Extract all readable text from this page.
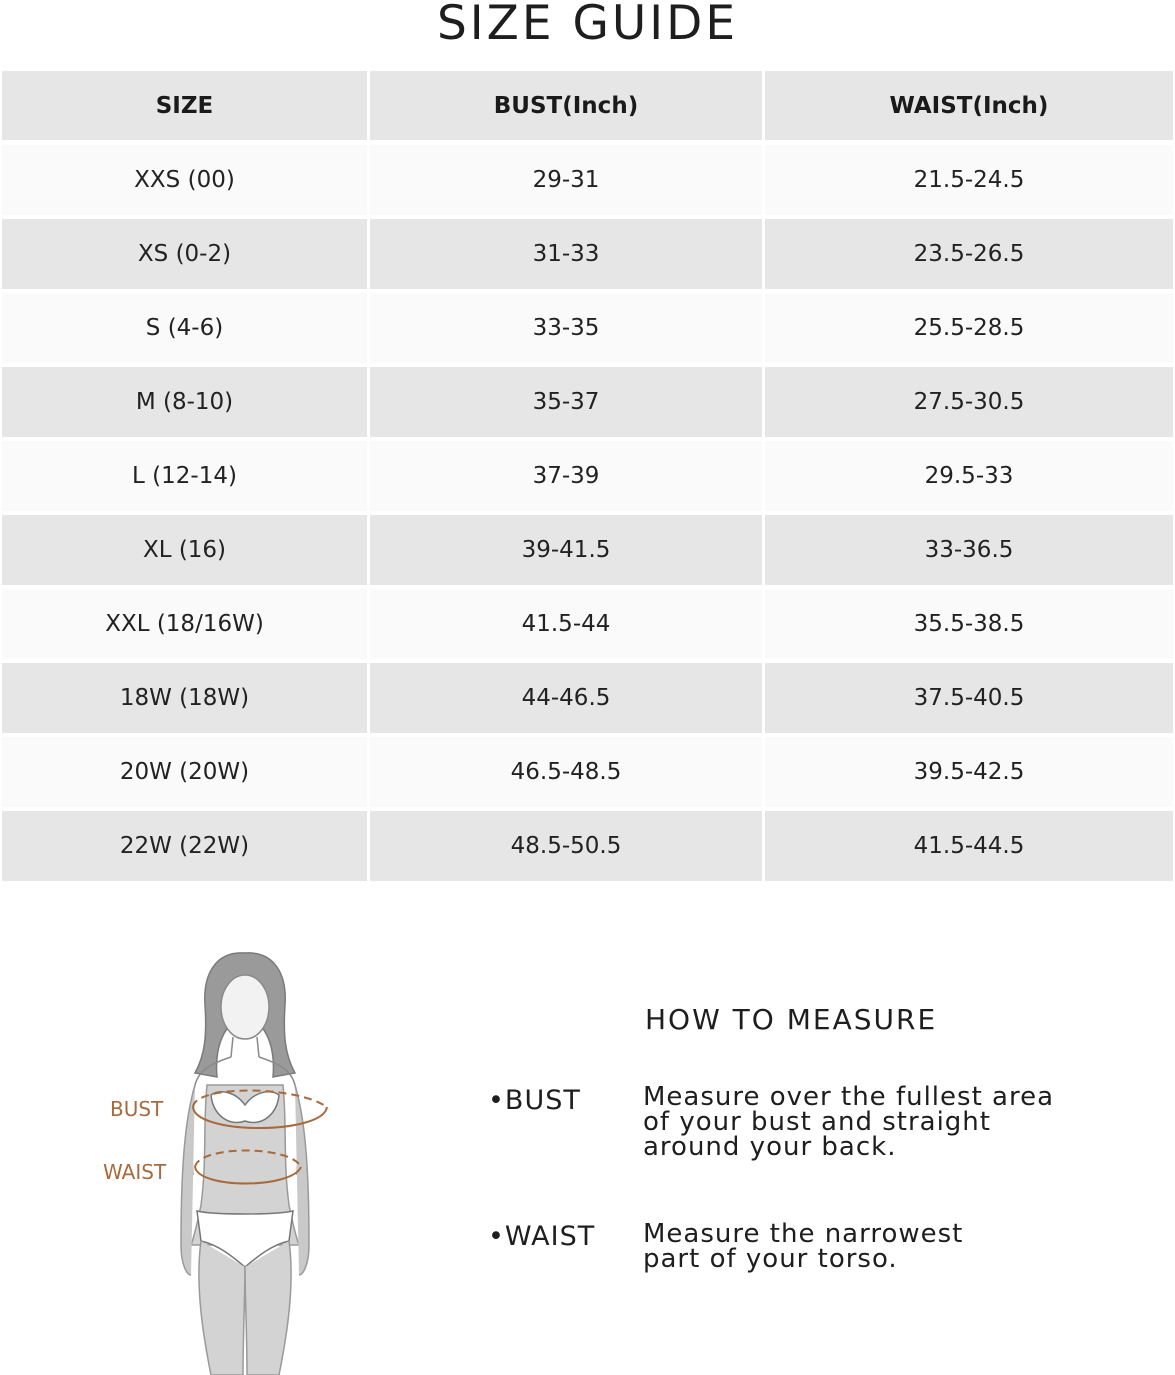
SIZE GUIDE
SIZE	BUST(Inch)	WAIST(Inch)
XXS (00)	29-31	21.5-24.5
XS (0-2)	31-33	23.5-26.5
S (4-6)	33-35	25.5-28.5
M (8-10)	35-37	27.5-30.5
L (12-14)	37-39	29.5-33
XL (16)	39-41.5	33-36.5
XXL (18/16W)	41.5-44	35.5-38.5
18W (18W)	44-46.5	37.5-40.5
20W (20W)	46.5-48.5	39.5-42.5
22W (22W)	48.5-50.5	41.5-44.5
BUST
WAIST
HOW TO MEASURE
•BUST Measure over the fullest area
of your bust and straight
around your back.
•WAIST Measure the narrowest
part of your torso.
